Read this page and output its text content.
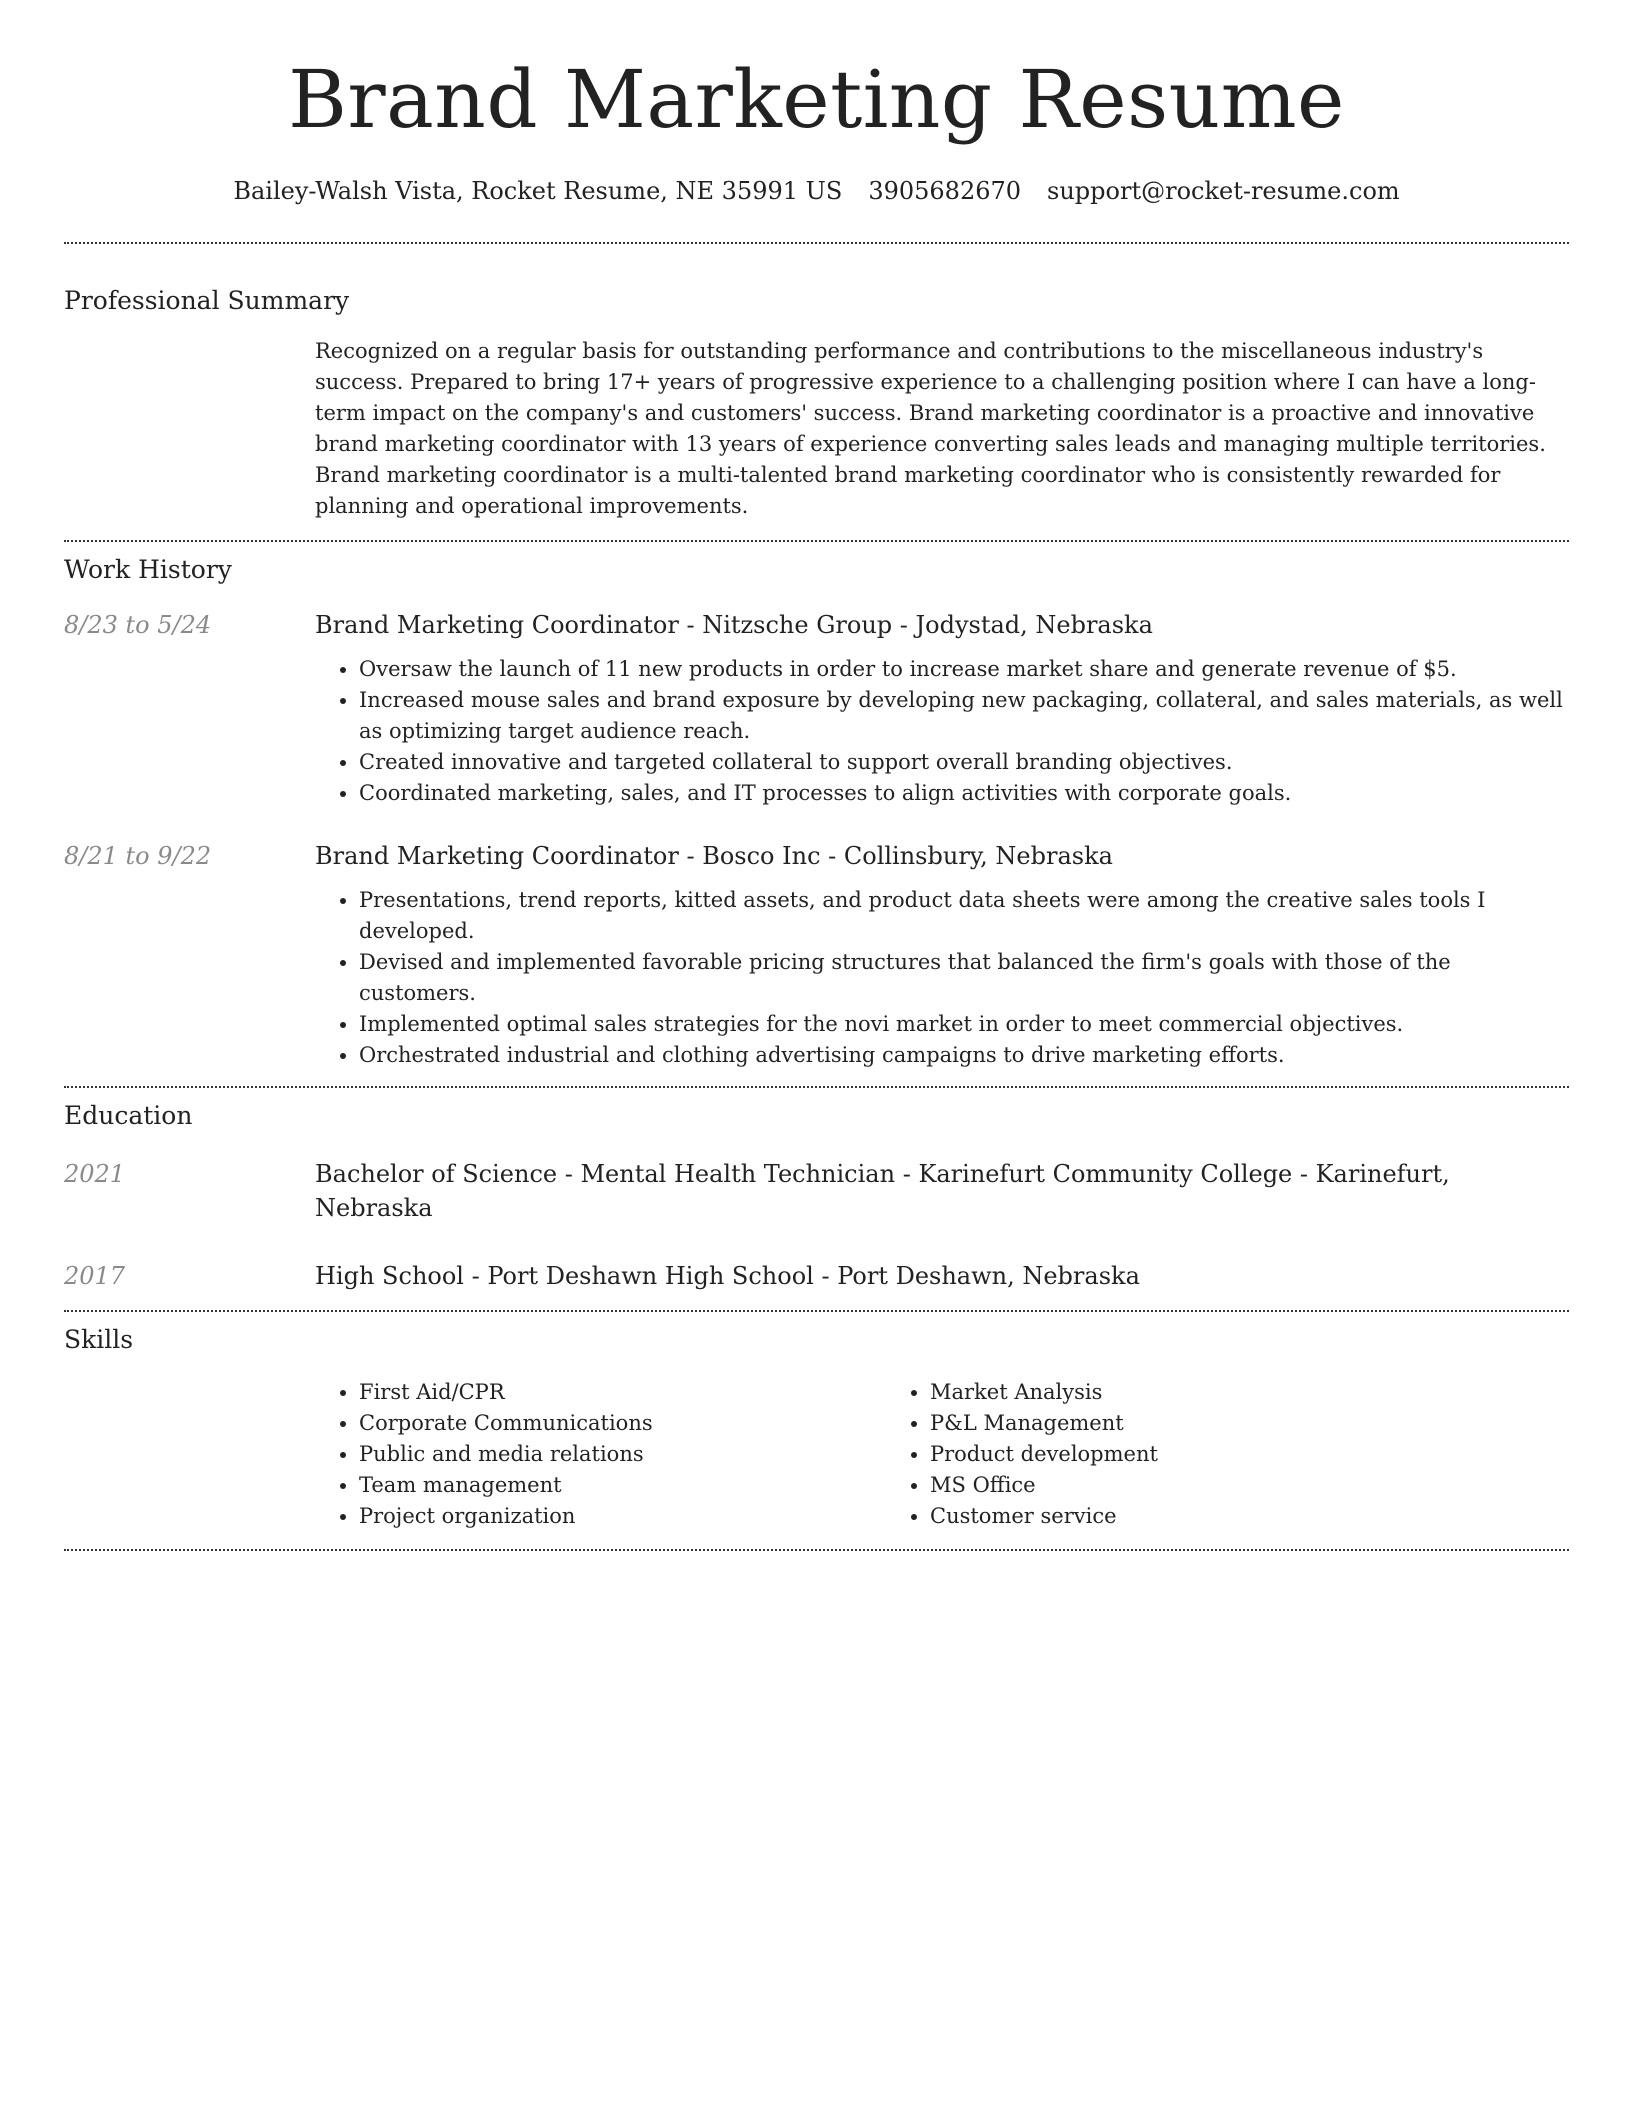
Brand Marketing Resume
Bailey-Walsh Vista, Rocket Resume, NE 35991 US 3905682670 support@rocket-resume.com
Professional Summary

Recognized on a regular basis for outstanding performance and contributions to the miscellaneous industry's success. Prepared to bring 17+ years of progressive experience to a challenging position where I can have a long-term impact on the company's and customers' success. Brand marketing coordinator is a proactive and innovative brand marketing coordinator with 13 years of experience converting sales leads and managing multiple territories. Brand marketing coordinator is a multi-talented brand marketing coordinator who is consistently rewarded for planning and operational improvements.

Work History
8/23 to 5/24	Brand Marketing Coordinator - Nitzsche Group - Jodystad, Nebraska

• Oversaw the launch of 11 new products in order to increase market share and generate revenue of $5.
• Increased mouse sales and brand exposure by developing new packaging, collateral, and sales materials, as well as optimizing target audience reach.
• Created innovative and targeted collateral to support overall branding objectives.
• Coordinated marketing, sales, and IT processes to align activities with corporate goals.
8/21 to 9/22	Brand Marketing Coordinator - Bosco Inc - Collinsbury, Nebraska

• Presentations, trend reports, kitted assets, and product data sheets were among the creative sales tools I developed.
• Devised and implemented favorable pricing structures that balanced the firm's goals with those of the customers.
• Implemented optimal sales strategies for the novi market in order to meet commercial objectives.
• Orchestrated industrial and clothing advertising campaigns to drive marketing efforts.
Education
2021	Bachelor of Science - Mental Health Technician - Karinefurt Community College - Karinefurt, Nebraska

2017	High School - Port Deshawn High School - Port Deshawn, Nebraska

Skills
• First Aid/CPR
• Corporate Communications
• Public and media relations
• Team management
• Project organization
• Market Analysis
• P&L Management
• Product development
• MS Office
• Customer service
